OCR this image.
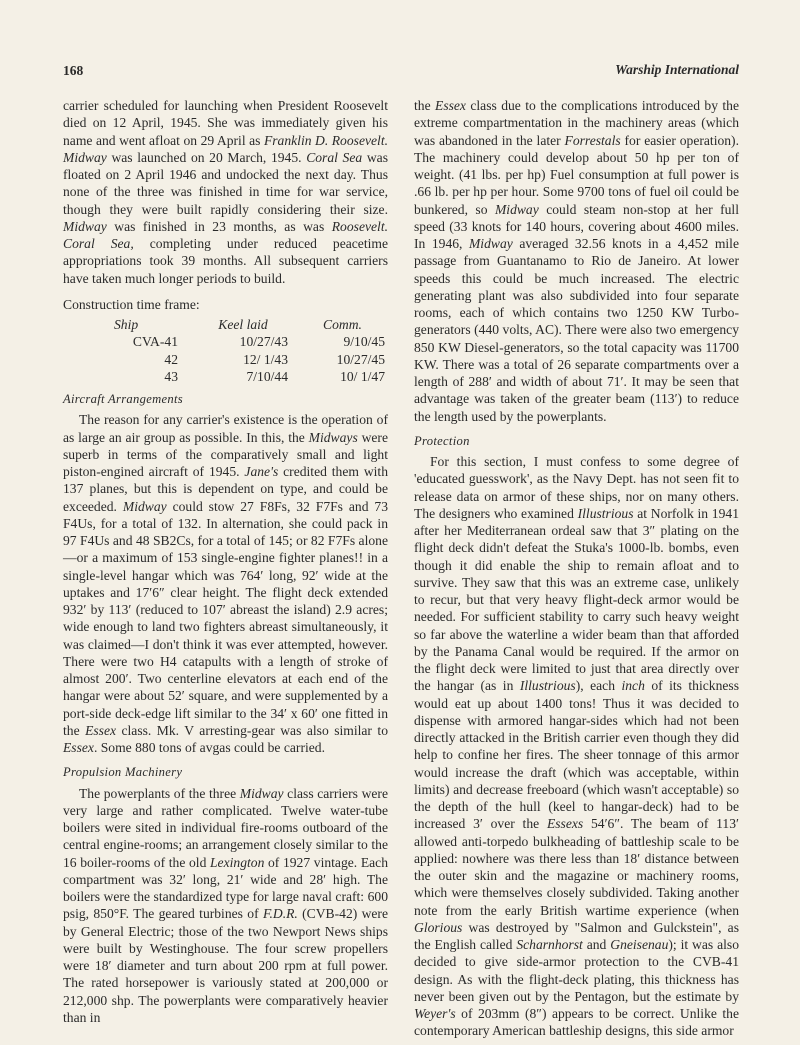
168	Warship International

carrier scheduled for launching when President Roosevelt died on 12 April, 1945. She was immediately given his name and went afloat on 29 April as Franklin D. Roosevelt. Midway was launched on 20 March, 1945. Coral Sea was floated on 2 April 1946 and undocked the next day. Thus none of the three was finished in time for war service, though they were built rapidly considering their size. Midway was finished in 23 months, as was Roosevelt. Coral Sea, completing under reduced peacetime appropriations took 39 months. All subsequent carriers have taken much longer periods to build.

Construction time frame:

Ship	Keel laid	Comm.
CVA-41	10/27/43	9/10/45
42	12/ 1/43	10/27/45
43	7/10/44	10/ 1/47
Aircraft Arrangements

The reason for any carrier's existence is the operation of as large an air group as possible. In this, the Midways were superb in terms of the comparatively small and light piston-engined aircraft of 1945. Jane's credited them with 137 planes, but this is dependent on type, and could be exceeded. Midway could stow 27 F8Fs, 32 F7Fs and 73 F4Us, for a total of 132. In alternation, she could pack in 97 F4Us and 48 SB2Cs, for a total of 145; or 82 F7Fs alone—or a maximum of 153 single-engine fighter planes!! in a single-level hangar which was 764′ long, 92′ wide at the uptakes and 17′6″ clear height. The flight deck extended 932′ by 113′ (reduced to 107′ abreast the island) 2.9 acres; wide enough to land two fighters abreast simultaneously, it was claimed—I don't think it was ever attempted, however. There were two H4 catapults with a length of stroke of almost 200′. Two centerline elevators at each end of the hangar were about 52′ square, and were supplemented by a port-side deck-edge lift similar to the 34′ x 60′ one fitted in the Essex class. Mk. V arresting-gear was also similar to Essex. Some 880 tons of avgas could be carried.

Propulsion Machinery

The powerplants of the three Midway class carriers were very large and rather complicated. Twelve water-tube boilers were sited in individual fire-rooms outboard of the central engine-rooms; an arrangement closely similar to the 16 boiler-rooms of the old Lexington of 1927 vintage. Each compartment was 32′ long, 21′ wide and 28′ high. The boilers were the standardized type for large naval craft: 600 psig, 850°F. The geared turbines of F.D.R. (CVB-42) were by General Electric; those of the two Newport News ships were built by Westinghouse. The four screw propellers were 18′ diameter and turn about 200 rpm at full power. The rated horsepower is variously stated at 200,000 or 212,000 shp. The powerplants were comparatively heavier than in

the Essex class due to the complications introduced by the extreme compartmentation in the machinery areas (which was abandoned in the later Forrestals for easier operation). The machinery could develop about 50 hp per ton of weight. (41 lbs. per hp) Fuel consumption at full power is .66 lb. per hp per hour. Some 9700 tons of fuel oil could be bunkered, so Midway could steam non-stop at her full speed (33 knots for 140 hours, covering about 4600 miles. In 1946, Midway averaged 32.56 knots in a 4,452 mile passage from Guantanamo to Rio de Janeiro. At lower speeds this could be much increased. The electric generating plant was also subdivided into four separate rooms, each of which contains two 1250 KW Turbo-generators (440 volts, AC). There were also two emergency 850 KW Diesel-generators, so the total capacity was 11700 KW. There was a total of 26 separate compartments over a length of 288′ and width of about 71′. It may be seen that advantage was taken of the greater beam (113′) to reduce the length used by the powerplants.

Protection

For this section, I must confess to some degree of 'educated guesswork', as the Navy Dept. has not seen fit to release data on armor of these ships, nor on many others. The designers who examined Illustrious at Norfolk in 1941 after her Mediterranean ordeal saw that 3″ plating on the flight deck didn't defeat the Stuka's 1000-lb. bombs, even though it did enable the ship to remain afloat and to survive. They saw that this was an extreme case, unlikely to recur, but that very heavy flight-deck armor would be needed. For sufficient stability to carry such heavy weight so far above the waterline a wider beam than that afforded by the Panama Canal would be required. If the armor on the flight deck were limited to just that area directly over the hangar (as in Illustrious), each inch of its thickness would eat up about 1400 tons! Thus it was decided to dispense with armored hangar-sides which had not been directly attacked in the British carrier even though they did help to confine her fires. The sheer tonnage of this armor would increase the draft (which was acceptable, within limits) and decrease freeboard (which wasn't acceptable) so the depth of the hull (keel to hangar-deck) had to be increased 3′ over the Essexs 54′6″. The beam of 113′ allowed anti-torpedo bulkheading of battleship scale to be applied: nowhere was there less than 18′ distance between the outer skin and the magazine or machinery rooms, which were themselves closely subdivided. Taking another note from the early British wartime experience (when Glorious was destroyed by "Salmon and Gulckstein", as the English called Scharnhorst and Gneisenau); it was also decided to give side-armor protection to the CVB-41 design. As with the flight-deck plating, this thickness has never been given out by the Pentagon, but the estimate by Weyer's of 203mm (8″) appears to be correct. Unlike the contemporary American battleship designs, this side armor
